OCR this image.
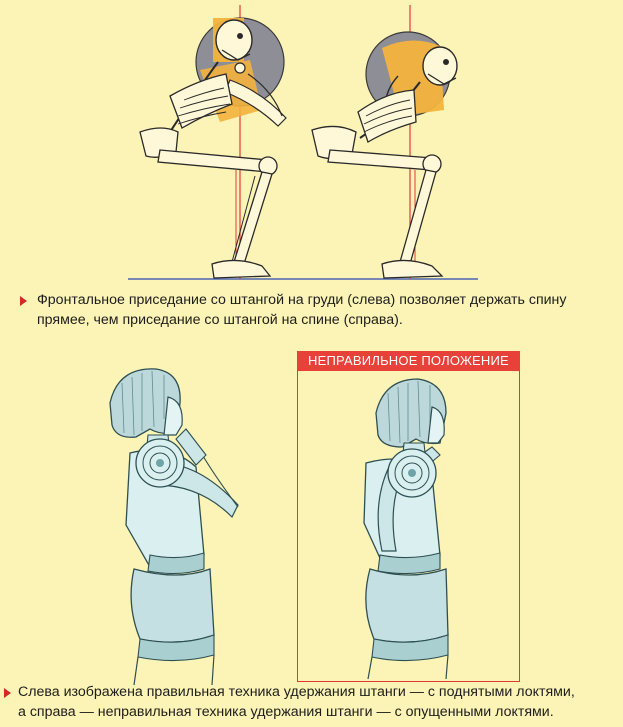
Фронтальное приседание со штангой на груди (слева) позволяет держать спину
прямее, чем приседание со штангой на спине (справа).
НЕПРАВИЛЬНОЕ ПОЛОЖЕНИЕ
Слева изображена правильная техника удержания штанги — с поднятыми локтями,
а справа — неправильная техника удержания штанги — с опущенными локтями.
